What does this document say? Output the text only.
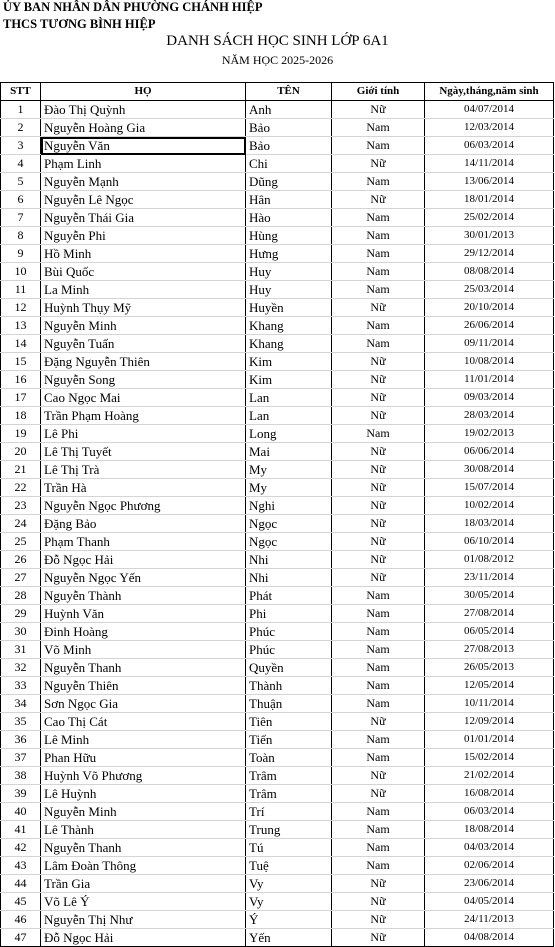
ỦY BAN NHÂN DÂN PHƯỜNG CHÁNH HIỆP
THCS TƯƠNG BÌNH HIỆP
DANH SÁCH HỌC SINH LỚP 6A1
NĂM HỌC 2025-2026
STT	HỌ	TÊN	Giới tính	Ngày,tháng,năm sinh
1	Đào Thị Quỳnh	Anh	Nữ	04/07/2014
2	Nguyễn Hoàng Gia	Bảo	Nam	12/03/2014
3	Nguyễn Văn	Bảo	Nam	06/03/2014
4	Phạm Linh	Chi	Nữ	14/11/2014
5	Nguyễn Mạnh	Dũng	Nam	13/06/2014
6	Nguyễn Lê Ngọc	Hân	Nữ	18/01/2014
7	Nguyễn Thái Gia	Hào	Nam	25/02/2014
8	Nguyễn Phi	Hùng	Nam	30/01/2013
9	Hồ Minh	Hưng	Nam	29/12/2014
10	Bùi Quốc	Huy	Nam	08/08/2014
11	La Minh	Huy	Nam	25/03/2014
12	Huỳnh Thụy Mỹ	Huyền	Nữ	20/10/2014
13	Nguyễn Minh	Khang	Nam	26/06/2014
14	Nguyễn Tuấn	Khang	Nam	09/11/2014
15	Đặng Nguyễn Thiên	Kim	Nữ	10/08/2014
16	Nguyễn Song	Kim	Nữ	11/01/2014
17	Cao Ngọc Mai	Lan	Nữ	09/03/2014
18	Trần Phạm Hoàng	Lan	Nữ	28/03/2014
19	Lê Phi	Long	Nam	19/02/2013
20	Lê Thị Tuyết	Mai	Nữ	06/06/2014
21	Lê Thị Trà	My	Nữ	30/08/2014
22	Trần Hà	My	Nữ	15/07/2014
23	Nguyễn Ngọc Phương	Nghi	Nữ	10/02/2014
24	Đặng Bảo	Ngọc	Nữ	18/03/2014
25	Phạm Thanh	Ngọc	Nữ	06/10/2014
26	Đỗ Ngọc Hải	Nhi	Nữ	01/08/2012
27	Nguyễn Ngọc Yến	Nhi	Nữ	23/11/2014
28	Nguyễn Thành	Phát	Nam	30/05/2014
29	Huỳnh Văn	Phi	Nam	27/08/2014
30	Đinh Hoàng	Phúc	Nam	06/05/2014
31	Võ Minh	Phúc	Nam	27/08/2013
32	Nguyễn Thanh	Quyền	Nam	26/05/2013
33	Nguyễn Thiên	Thành	Nam	12/05/2014
34	Sơn Ngọc Gia	Thuận	Nam	10/11/2014
35	Cao Thị Cát	Tiên	Nữ	12/09/2014
36	Lê Minh	Tiến	Nam	01/01/2014
37	Phan Hữu	Toàn	Nam	15/02/2014
38	Huỳnh Võ Phương	Trâm	Nữ	21/02/2014
39	Lê Huỳnh	Trâm	Nữ	16/08/2014
40	Nguyễn Minh	Trí	Nam	06/03/2014
41	Lê Thành	Trung	Nam	18/08/2014
42	Nguyễn Thanh	Tú	Nam	04/03/2014
43	Lâm Đoàn Thông	Tuệ	Nam	02/06/2014
44	Trần Gia	Vy	Nữ	23/06/2014
45	Võ Lê Ý	Vy	Nữ	04/05/2014
46	Nguyễn Thị Như	Ý	Nữ	24/11/2013
47	Đỗ Ngọc Hải	Yến	Nữ	04/08/2014
